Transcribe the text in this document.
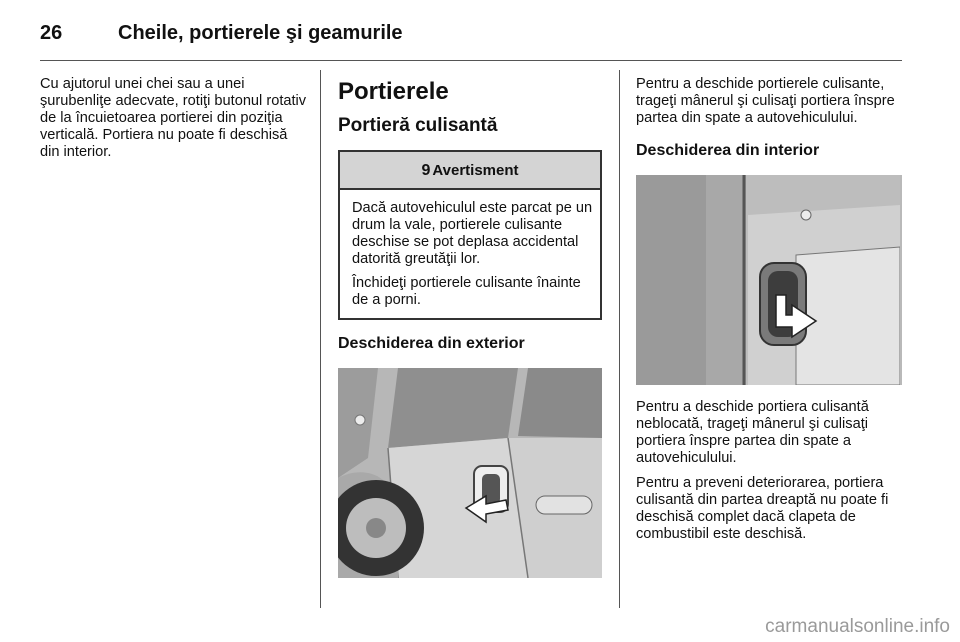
26	Cheile, portierele şi geamurile

Cu ajutorul unei chei sau a unei şurubenliţe adecvate, rotiţi butonul rotativ de la încuietoarea portierei din poziţia verticală. Portiera nu poate fi deschisă din interior.

Portierele
Portieră culisantă
9 Avertisment

Dacă autovehiculul este parcat pe un drum la vale, portierele culisante deschise se pot deplasa accidental datorită greutăţii lor.

Închideţi portierele culisante înainte de a porni.

Deschiderea din exterior

Pentru a deschide portierele culisante, trageţi mânerul şi culisaţi portiera înspre partea din spate a autovehiculului.

Deschiderea din interior

Pentru a deschide portiera culisantă neblocată, trageţi mânerul şi culisaţi portiera înspre partea din spate a autovehiculului.

Pentru a preveni deteriorarea, portiera culisantă din partea dreaptă nu poate fi deschisă complet dacă clapeta de combustibil este deschisă.

carmanualsonline.info
